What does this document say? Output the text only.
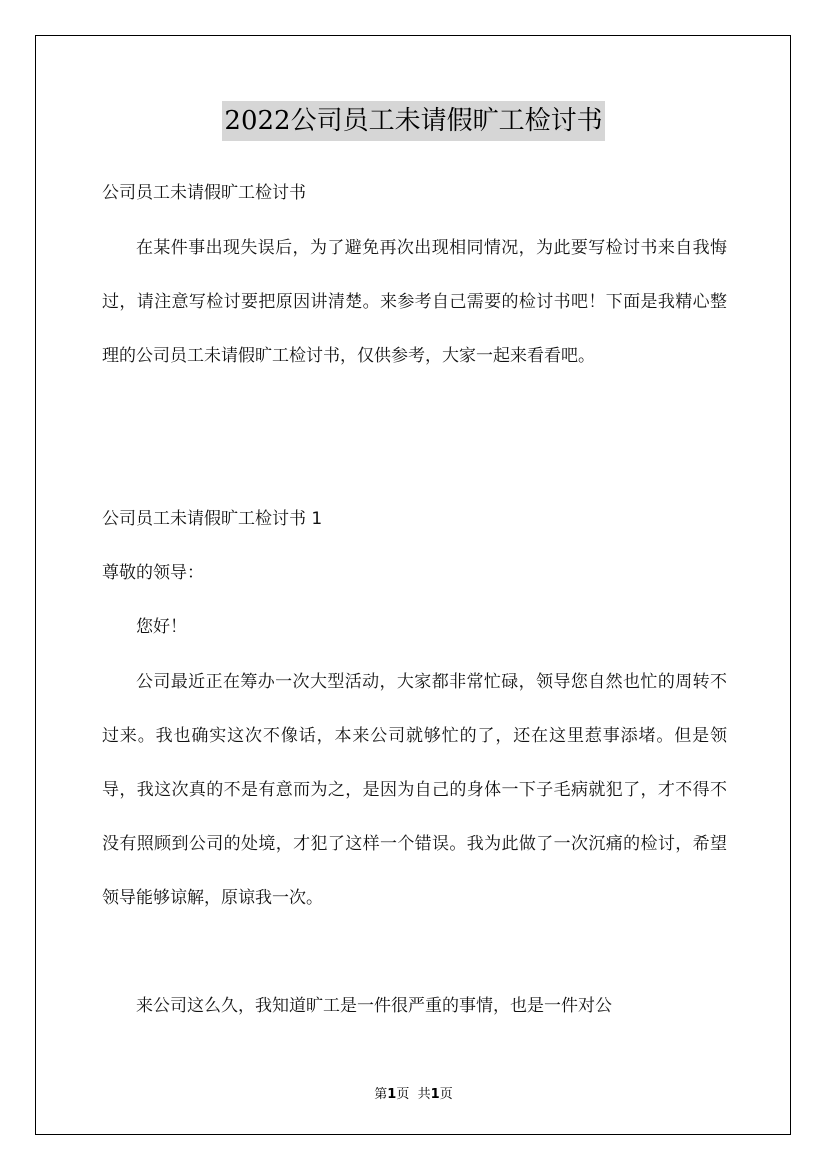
2022公司员工未请假旷工检讨书

公司员工未请假旷工检讨书

在某件事出现失误后，为了避免再次出现相同情况，为此要写检讨书来自我悔过，请注意写检讨要把原因讲清楚。来参考自己需要的检讨书吧！下面是我精心整理的公司员工未请假旷工检讨书，仅供参考，大家一起来看看吧。

公司员工未请假旷工检讨书 1

尊敬的领导：

您好！

公司最近正在筹办一次大型活动，大家都非常忙碌，领导您自然也忙的周转不过来。我也确实这次不像话，本来公司就够忙的了，还在这里惹事添堵。但是领导，我这次真的不是有意而为之，是因为自己的身体一下子毛病就犯了，才不得不没有照顾到公司的处境，才犯了这样一个错误。我为此做了一次沉痛的检讨，希望领导能够谅解，原谅我一次。

来公司这么久，我知道旷工是一件很严重的事情，也是一件对公

第1页 共1页
